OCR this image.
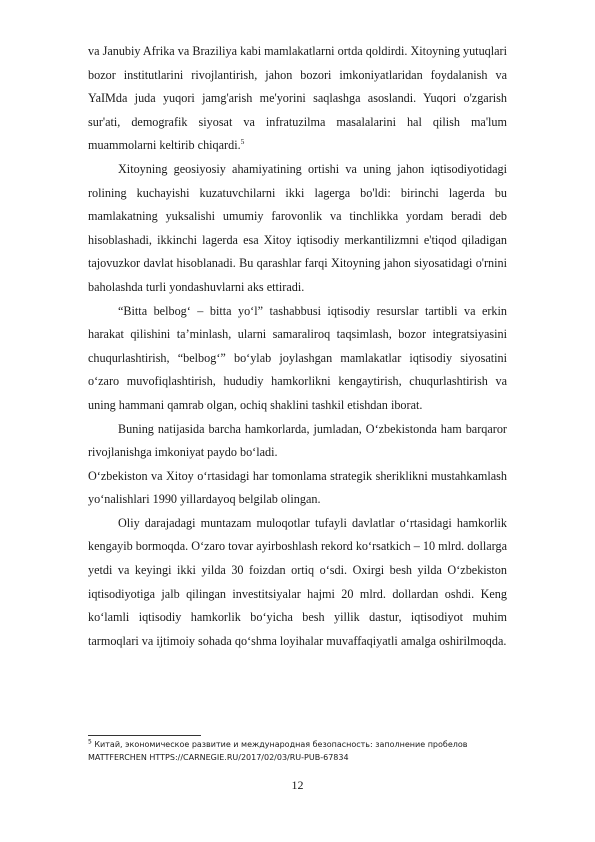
va Janubiy Afrika va Braziliya kabi mamlakatlarni ortda qoldirdi. Xitoyning yutuqlari bozor institutlarini rivojlantirish, jahon bozori imkoniyatlaridan foydalanish va YaIMda juda yuqori jamg'arish me'yorini saqlashga asoslandi. Yuqori o'zgarish sur'ati, demografik siyosat va infratuzilma masalalarini hal qilish ma'lum muammolarni keltirib chiqardi.$^5$

Xitoyning geosiyosiy ahamiyatining ortishi va uning jahon iqtisodiyotidagi rolining kuchayishi kuzatuvchilarni ikki lagerga bo'ldi: birinchi lagerda bu mamlakatning yuksalishi umumiy farovonlik va tinchlikka yordam beradi deb hisoblashadi, ikkinchi lagerda esa Xitoy iqtisodiy merkantilizmni e'tiqod qiladigan tajovuzkor davlat hisoblanadi. Bu qarashlar farqi Xitoyning jahon siyosatidagi o'rnini baholashda turli yondashuvlarni aks ettiradi.

“Bitta belbog‘ – bitta yo‘l” tashabbusi iqtisodiy resurslar tartibli va erkin harakat qilishini ta’minlash, ularni samaraliroq taqsimlash, bozor integratsiyasini chuqurlashtirish, “belbog‘” bo‘ylab joylashgan mamlakatlar iqtisodiy siyosatini o‘zaro muvofiqlashtirish, hududiy hamkorlikni kengaytirish, chuqurlashtirish va uning hammani qamrab olgan, ochiq shaklini tashkil etishdan iborat.

Buning natijasida barcha hamkorlarda, jumladan, O‘zbekistonda ham barqaror rivojlanishga imkoniyat paydo bo‘ladi.

O‘zbekiston va Xitoy o‘rtasidagi har tomonlama strategik sheriklikni mustahkamlash yo‘nalishlari 1990 yillardayoq belgilab olingan.

Oliy darajadagi muntazam muloqotlar tufayli davlatlar o‘rtasidagi hamkorlik kengayib bormoqda. O‘zaro tovar ayirboshlash rekord ko‘rsatkich – 10 mlrd. dollarga yetdi va keyingi ikki yilda 30 foizdan ortiq o‘sdi. Oxirgi besh yilda O‘zbekiston iqtisodiyotiga jalb qilingan investitsiyalar hajmi 20 mlrd. dollardan oshdi. Keng ko‘lamli iqtisodiy hamkorlik bo‘yicha besh yillik dastur, iqtisodiyot muhim tarmoqlari va ijtimoiy sohada qo‘shma loyihalar muvaffaqiyatli amalga oshirilmoqda.

$^5$ Китай, экономическое развитие и международная безопасность: заполнение пробелов
MATTFERCHEN HTTPS://CARNEGIE.RU/2017/02/03/RU-PUB-67834
12
